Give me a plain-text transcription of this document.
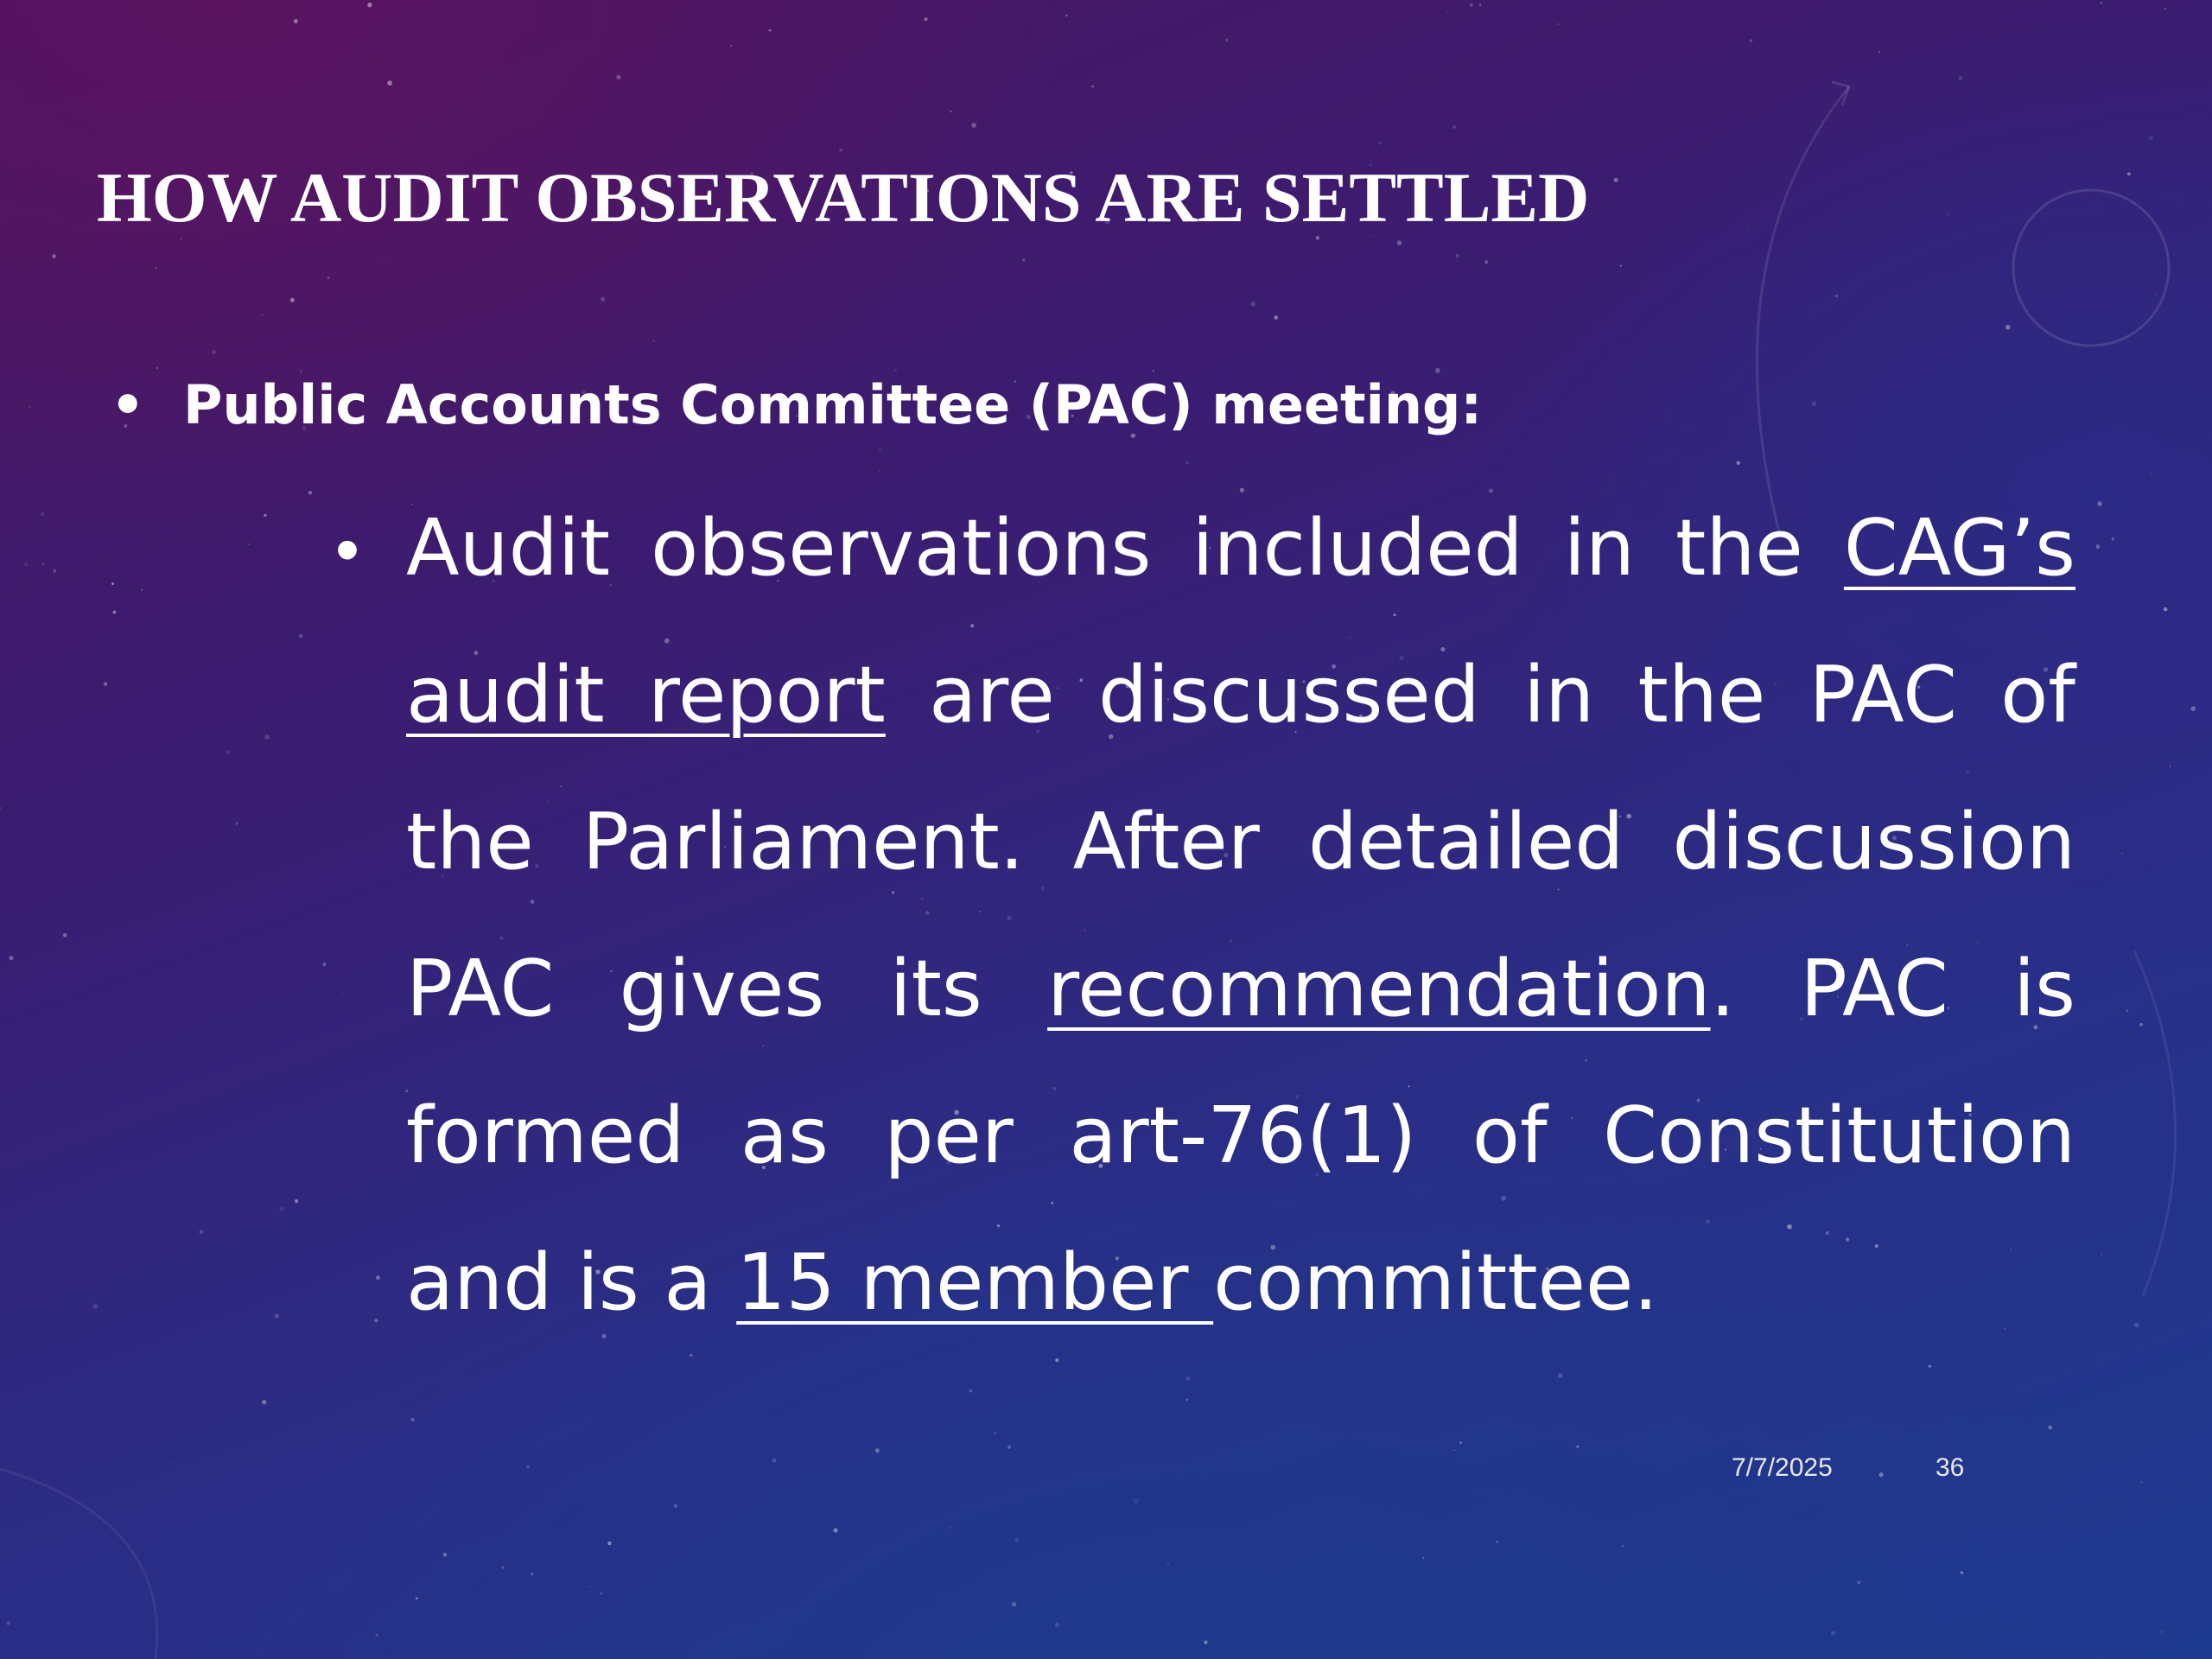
HOW AUDIT OBSERVATIONS ARE SETTLED
• Public Accounts Committee (PAC) meeting:
• Audit observations included in the CAG’s audit report are discussed in the PAC of the Parliament. After detailed discussion PAC gives its recommendation. PAC is formed as per art-76(1) of Constitution and is a 15 member committee.
7/7/2025	36
